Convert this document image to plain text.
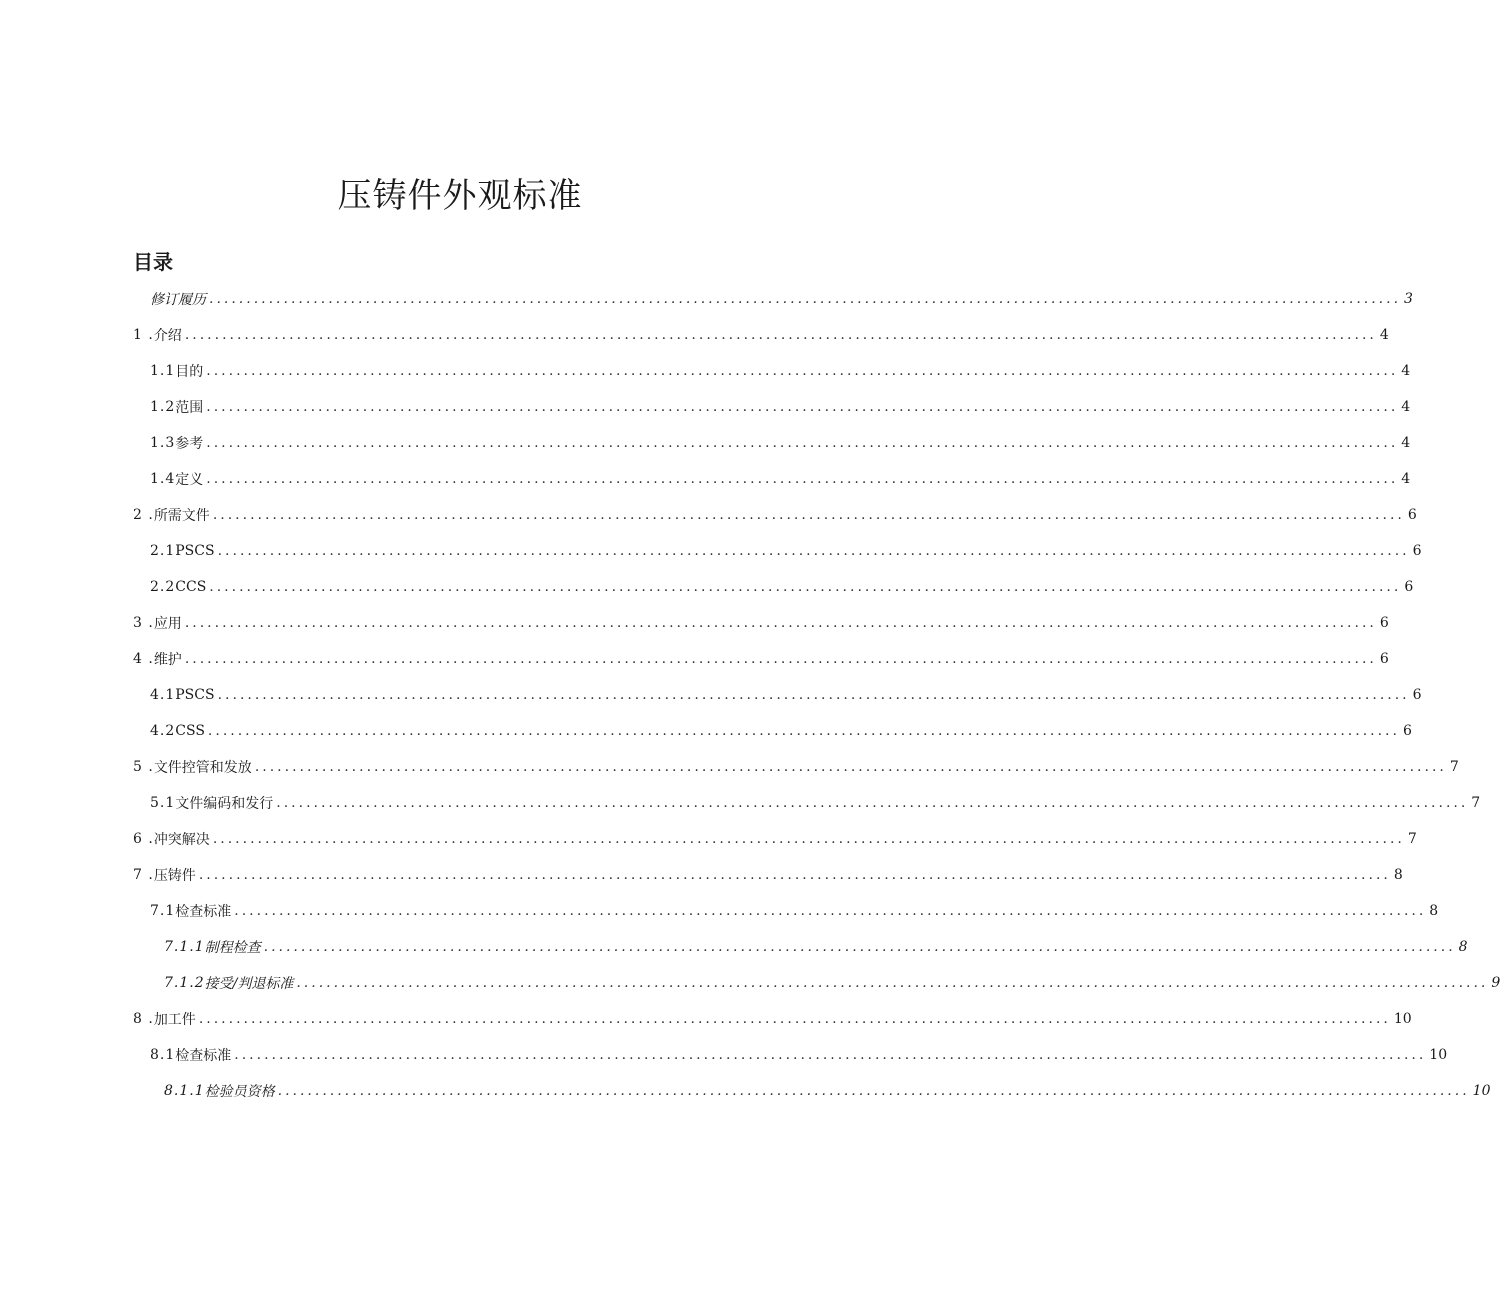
压铸件外观标准
目录
修订履历 ................................................................................................................................................................ 3
1 . 介绍 ................................................................................................................................................................ 4
1.1 目的 ................................................................................................................................................................ 4
1.2 范围 ................................................................................................................................................................ 4
1.3 参考 ................................................................................................................................................................ 4
1.4 定义 ................................................................................................................................................................ 4
2 . 所需文件 ................................................................................................................................................................ 6
2.1 PSCS ................................................................................................................................................................ 6
2.2 CCS ................................................................................................................................................................ 6
3 . 应用 ................................................................................................................................................................ 6
4 . 维护 ................................................................................................................................................................ 6
4.1 PSCS ................................................................................................................................................................ 6
4.2 CSS ................................................................................................................................................................ 6
5 . 文件控管和发放 ................................................................................................................................................................ 7
5.1 文件编码和发行 ................................................................................................................................................................ 7
6 . 冲突解决 ................................................................................................................................................................ 7
7 . 压铸件 ................................................................................................................................................................ 8
7.1 检查标准 ................................................................................................................................................................ 8
7.1.1 制程检查 ................................................................................................................................................................ 8
7.1.2 接受/判退标准 ................................................................................................................................................................ 9
8 . 加工件 ................................................................................................................................................................ 10
8.1 检查标准 ................................................................................................................................................................ 10
8.1.1 检验员资格 ................................................................................................................................................................ 10
